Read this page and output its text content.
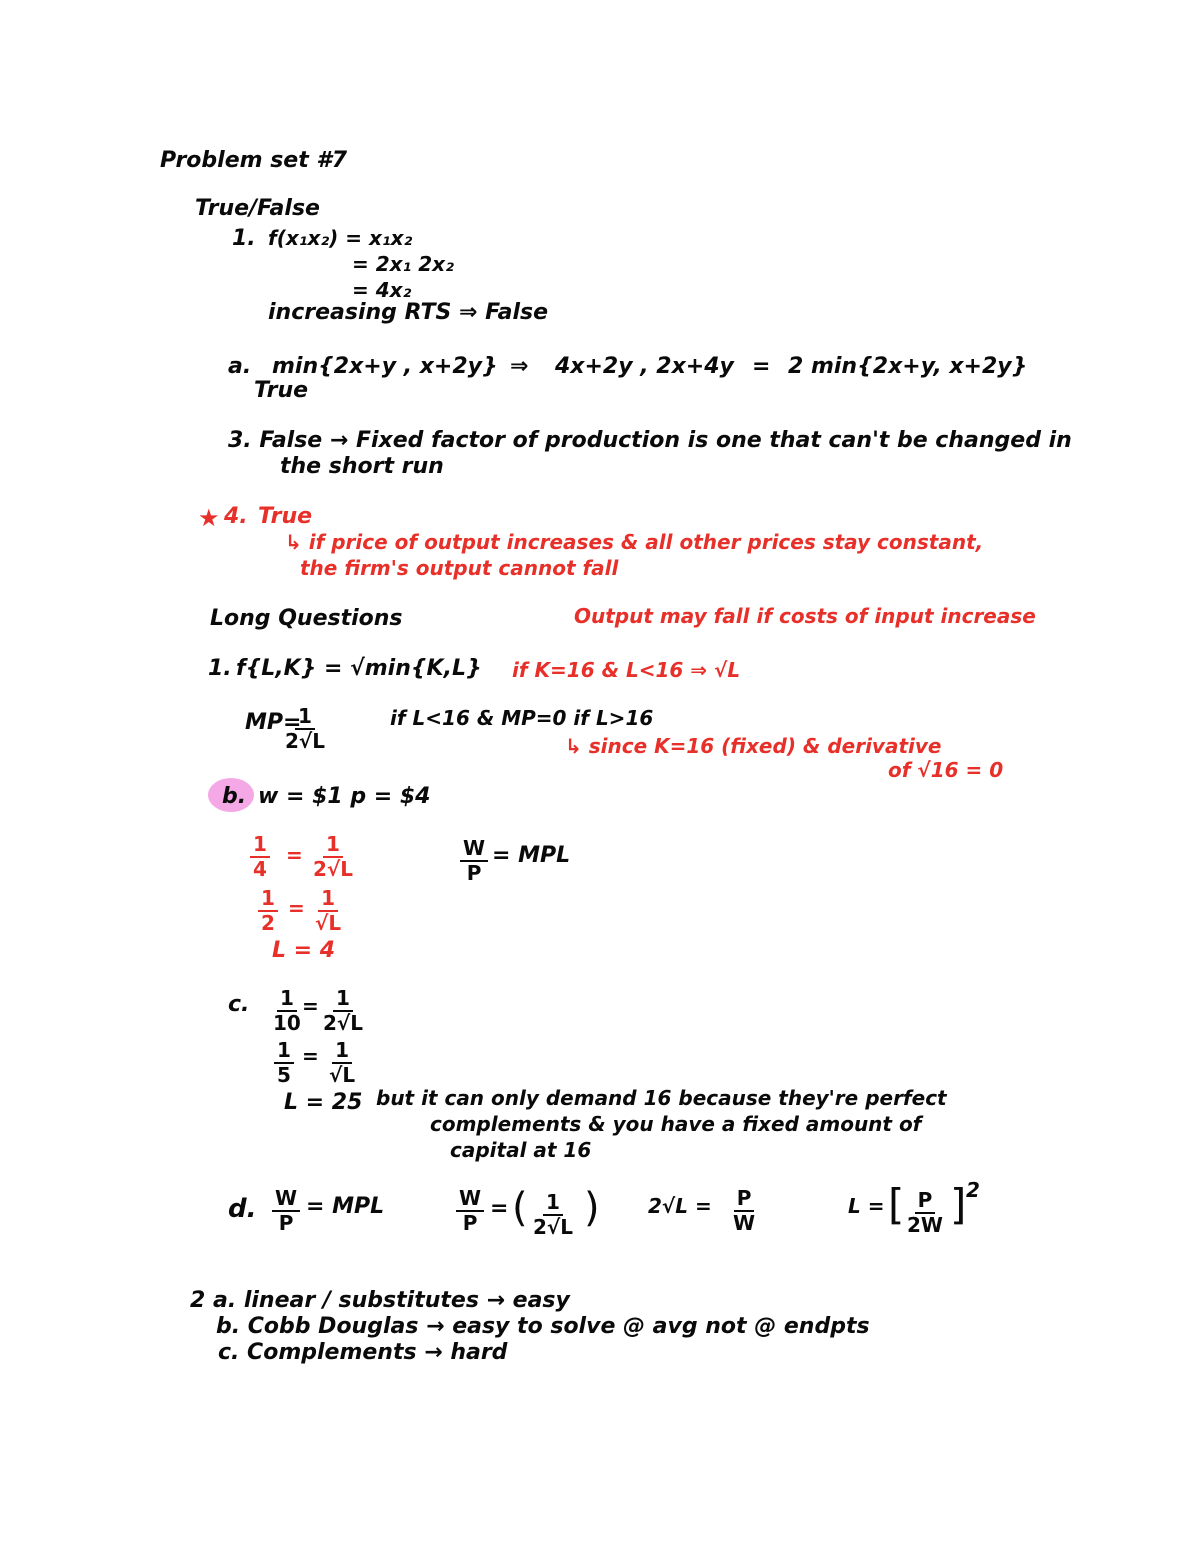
Problem set #7
True/False
1. f(x₁x₂) = x₁x₂
= 2x₁ 2x₂
= 4x₂
increasing RTS ⇒ False
a. min{2x+y , x+2y} ⇒ 4x+2y , 2x+4y = 2 min{2x+y, x+2y}
True
3. False → Fixed factor of production is one that can't be changed in
the short run
★ 4. True
↳ if price of output increases & all other prices stay constant,
the firm's output cannot fall
Long Questions	Output may fall if costs of input increase
1. f{L,K} = √min{K,L} if K=16 & L<16 ⇒ √L
MP=
$\frac{1}{2√L}$	if L<16 & MP=0 if L>16
↳ since K=16 (fixed) & derivative
of √16 = 0
b. w = $1 p = $4
$\frac{1}{4} = \frac{1}{2√L}$
$\frac{1}{2} = \frac{1}{√L}$
L = 4
$\frac{W}{P}$ = MPL
c. $\frac{1}{10}$
= $\frac{1}{2√L}$
$\frac{1}{5} = \frac{1}{√L}$
L = 25 but it can only demand 16 because they're perfect
complements & you have a fixed amount of
capital at 16
d. $\frac{W}{P}$ = MPL	$\frac{W}{P}$ = ( $\frac{1}{2√L}$ ) $2√L = \frac{P}{W}$	L = [ $\frac{P}{2W}$ ] 2
2 a. linear / substitutes → easy
b. Cobb Douglas → easy to solve @ avg not @ endpts
c. Complements → hard
